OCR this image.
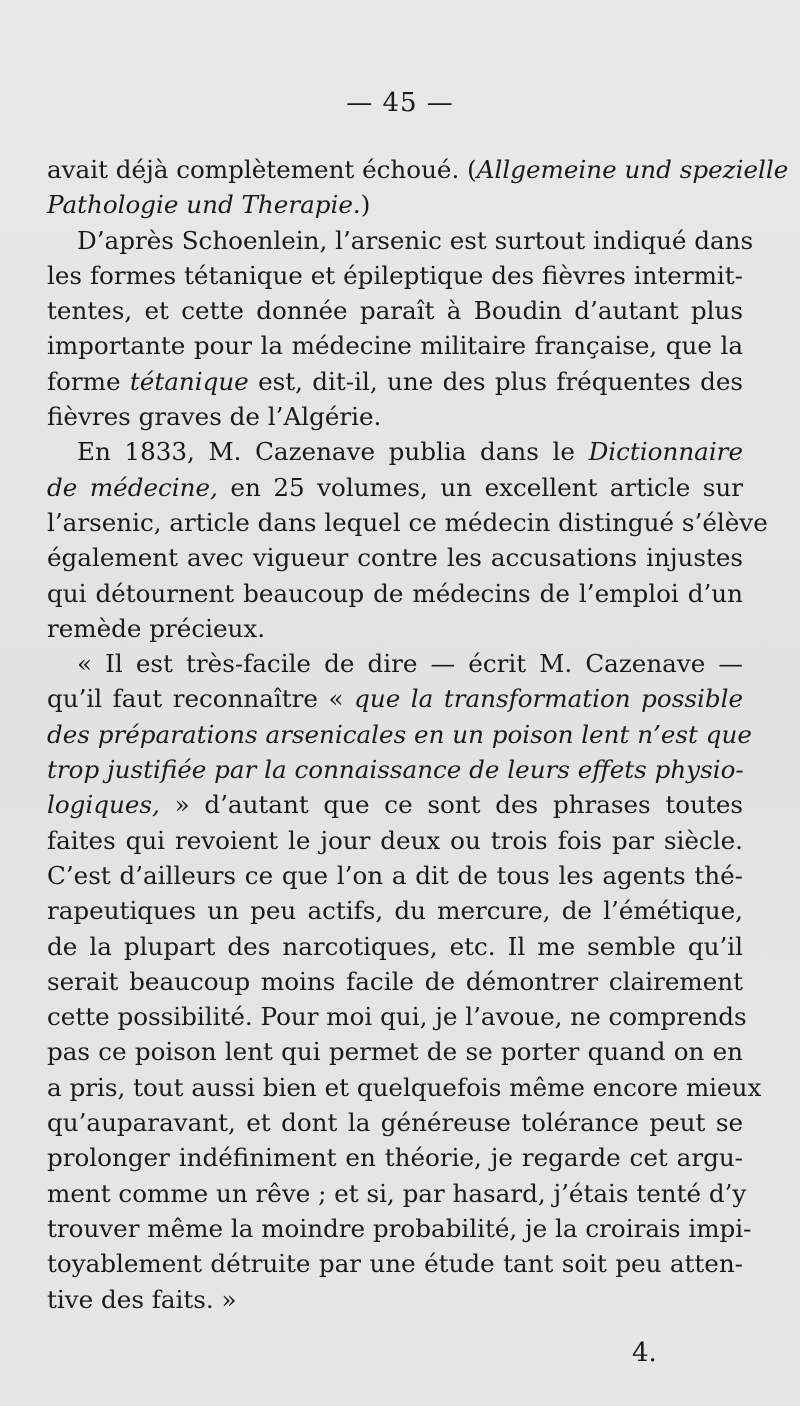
— 45 —
avait déjà complètement échoué. (Allgemeine und spezielle
Pathologie und Therapie.)
D’après Schoenlein, l’arsenic est surtout indiqué dans
les formes tétanique et épileptique des fièvres intermit-
tentes, et cette donnée paraît à Boudin d’autant plus
importante pour la médecine militaire française, que la
forme tétanique est, dit-il, une des plus fréquentes des
fièvres graves de l’Algérie.
En 1833, M. Cazenave publia dans le Dictionnaire
de médecine, en 25 volumes, un excellent article sur
l’arsenic, article dans lequel ce médecin distingué s’élève
également avec vigueur contre les accusations injustes
qui détournent beaucoup de médecins de l’emploi d’un
remède précieux.
« Il est très-facile de dire — écrit M. Cazenave —
qu’il faut reconnaître « que la transformation possible
des préparations arsenicales en un poison lent n’est que
trop justifiée par la connaissance de leurs effets physio-
logiques, » d’autant que ce sont des phrases toutes
faites qui revoient le jour deux ou trois fois par siècle.
C’est d’ailleurs ce que l’on a dit de tous les agents thé-
rapeutiques un peu actifs, du mercure, de l’émétique,
de la plupart des narcotiques, etc. Il me semble qu’il
serait beaucoup moins facile de démontrer clairement
cette possibilité. Pour moi qui, je l’avoue, ne comprends
pas ce poison lent qui permet de se porter quand on en
a pris, tout aussi bien et quelquefois même encore mieux
qu’auparavant, et dont la généreuse tolérance peut se
prolonger indéfiniment en théorie, je regarde cet argu-
ment comme un rêve ; et si, par hasard, j’étais tenté d’y
trouver même la moindre probabilité, je la croirais impi-
toyablement détruite par une étude tant soit peu atten-
tive des faits. »
4.
